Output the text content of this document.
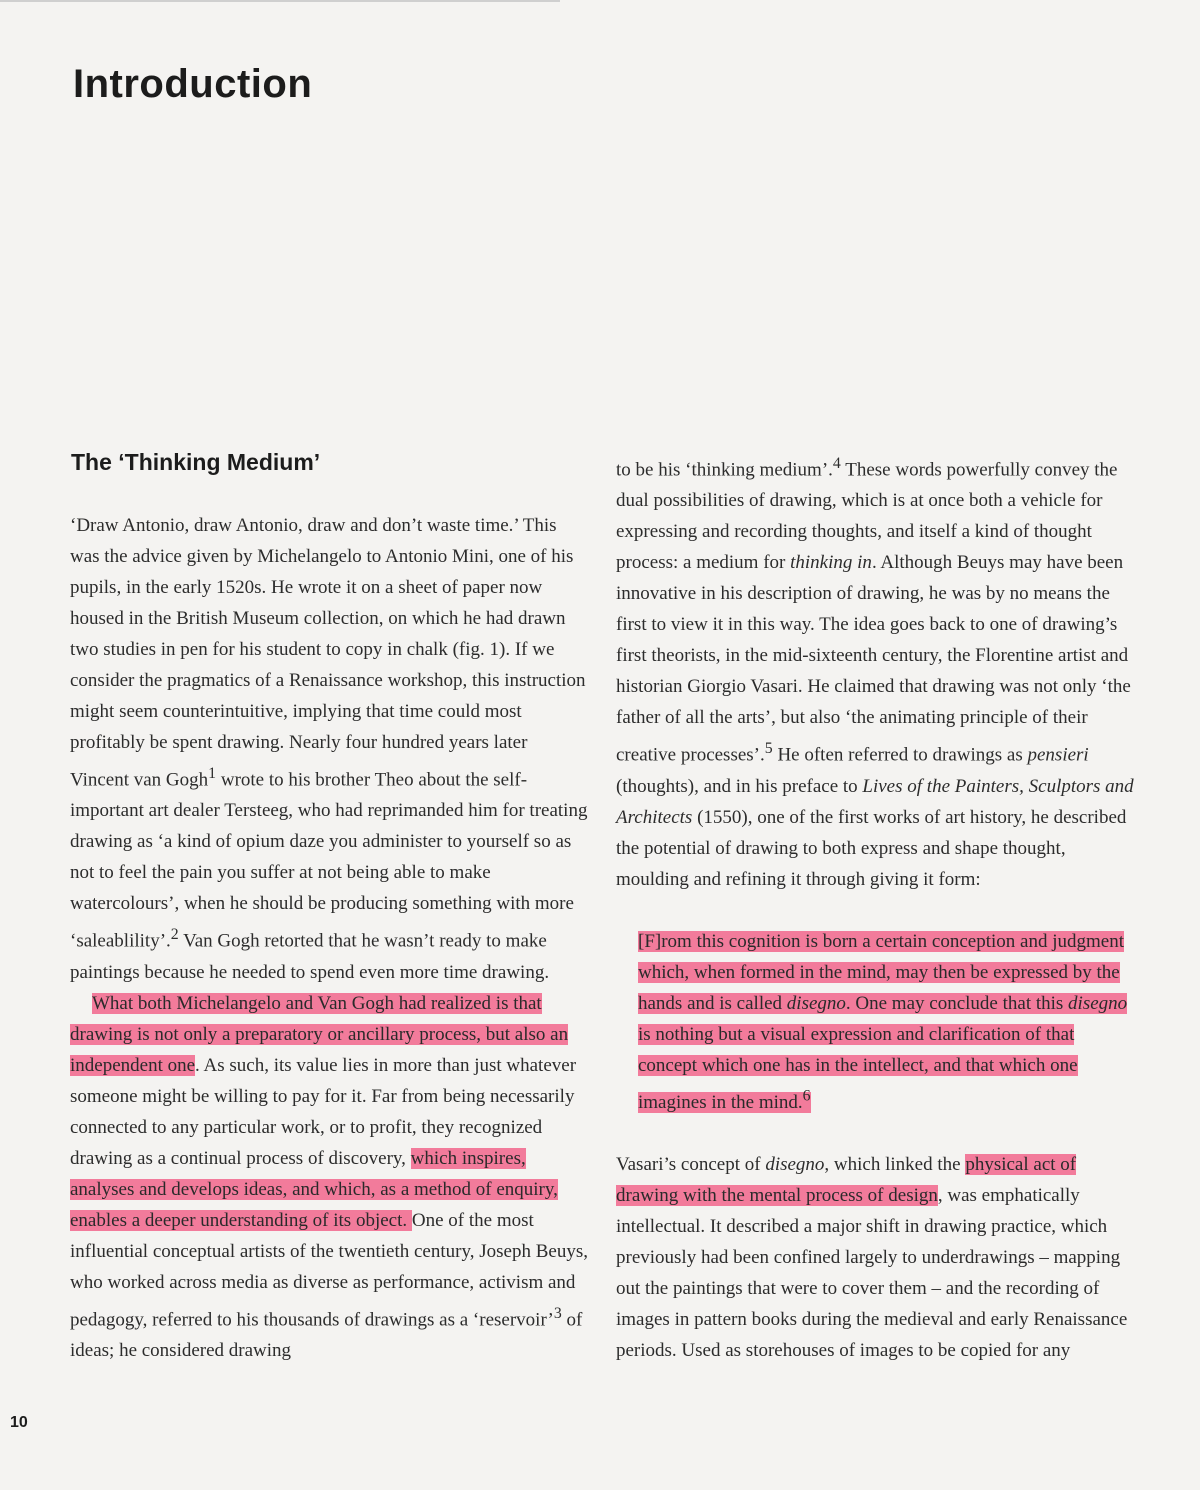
Introduction
The ‘Thinking Medium’

‘Draw Antonio, draw Antonio, draw and don’t waste time.’ This was the advice given by Michelangelo to Antonio Mini, one of his pupils, in the early 1520s. He wrote it on a sheet of paper now housed in the British Museum collection, on which he had drawn two studies in pen for his student to copy in chalk (fig. 1). If we consider the pragmatics of a Renaissance workshop, this instruction might seem counterintuitive, implying that time could most profitably be spent drawing. Nearly four hundred years later Vincent van Gogh$^1$ wrote to his brother Theo about the self-important art dealer Tersteeg, who had reprimanded him for treating drawing as ‘a kind of opium daze you administer to yourself so as not to feel the pain you suffer at not being able to make watercolours’, when he should be producing something with more ‘saleablility’.$^2$ Van Gogh retorted that he wasn’t ready to make paintings because he needed to spend even more time drawing.

What both Michelangelo and Van Gogh had realized is that drawing is not only a preparatory or ancillary process, but also an independent one. As such, its value lies in more than just whatever someone might be willing to pay for it. Far from being necessarily connected to any particular work, or to profit, they recognized drawing as a continual process of discovery, which inspires, analyses and develops ideas, and which, as a method of enquiry, enables a deeper understanding of its object. One of the most influential conceptual artists of the twentieth century, Joseph Beuys, who worked across media as diverse as performance, activism and pedagogy, referred to his thousands of drawings as a ‘reservoir’$^3$ of ideas; he considered drawing

to be his ‘thinking medium’.$^4$ These words powerfully convey the dual possibilities of drawing, which is at once both a vehicle for expressing and recording thoughts, and itself a kind of thought process: a medium for thinking in. Although Beuys may have been innovative in his description of drawing, he was by no means the first to view it in this way. The idea goes back to one of drawing’s first theorists, in the mid-sixteenth century, the Florentine artist and historian Giorgio Vasari. He claimed that drawing was not only ‘the father of all the arts’, but also ‘the animating principle of their creative processes’.$^5$ He often referred to drawings as pensieri (thoughts), and in his preface to Lives of the Painters, Sculptors and Architects (1550), one of the first works of art history, he described the potential of drawing to both express and shape thought, moulding and refining it through giving it form:

[F]rom this cognition is born a certain conception and judgment which, when formed in the mind, may then be expressed by the hands and is called disegno. One may conclude that this disegno is nothing but a visual expression and clarification of that concept which one has in the intellect, and that which one imagines in the mind.$^6$

Vasari’s concept of disegno, which linked the physical act of drawing with the mental process of design, was emphatically intellectual. It described a major shift in drawing practice, which previously had been confined largely to underdrawings – mapping out the paintings that were to cover them – and the recording of images in pattern books during the medieval and early Renaissance periods. Used as storehouses of images to be copied for any

10
